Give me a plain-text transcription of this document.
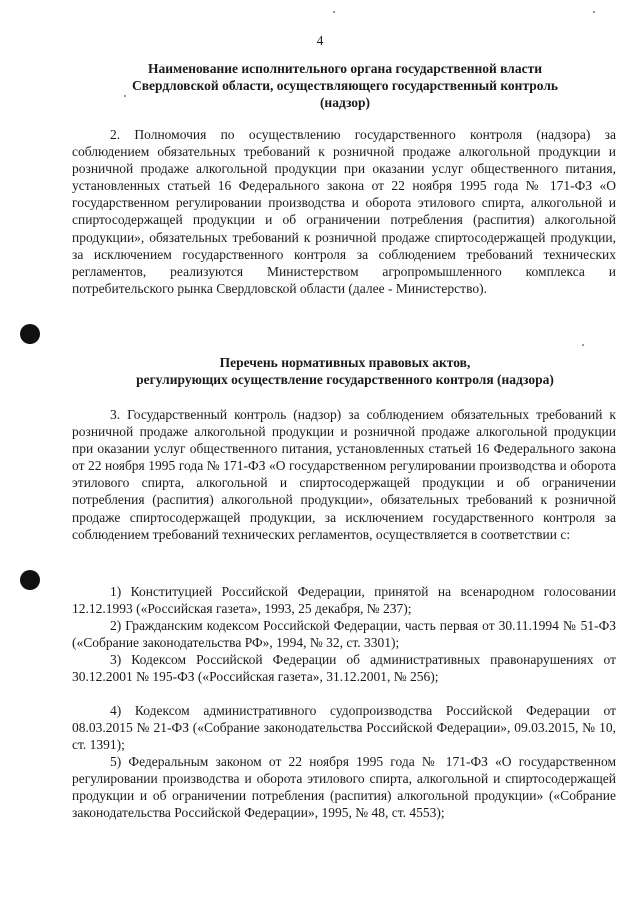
4
Наименование исполнительного органа государственной власти
Свердловской области, осуществляющего государственный контроль
(надзор)

2. Полномочия по осуществлению государственного контроля (надзора) за соблюдением обязательных требований к розничной продаже алкогольной продукции и розничной продаже алкогольной продукции при оказании услуг общественного питания, установленных статьей 16 Федерального закона от 22 ноября 1995 года № 171-ФЗ «О государственном регулировании производства и оборота этилового спирта, алкогольной и спиртосодержащей продукции и об ограничении потребления (распития) алкогольной продукции», обязательных требований к розничной продаже спиртосодержащей продукции, за исключением государственного контроля за соблюдением требований технических регламентов, реализуются Министерством агропромышленного комплекса и потребительского рынка Свердловской области (далее - Министерство).

Перечень нормативных правовых актов,
регулирующих осуществление государственного контроля (надзора)

3. Государственный контроль (надзор) за соблюдением обязательных требований к розничной продаже алкогольной продукции и розничной продаже алкогольной продукции при оказании услуг общественного питания, установленных статьей 16 Федерального закона от 22 ноября 1995 года № 171-ФЗ «О государственном регулировании производства и оборота этилового спирта, алкогольной и спиртосодержащей продукции и об ограничении потребления (распития) алкогольной продукции», обязательных требований к розничной продаже спиртосодержащей продукции, за исключением государственного контроля за соблюдением требований технических регламентов, осуществляется в соответствии с:

1) Конституцией Российской Федерации, принятой на всенародном голосовании 12.12.1993 («Российская газета», 1993, 25 декабря, № 237);

2) Гражданским кодексом Российской Федерации, часть первая от 30.11.1994 № 51-ФЗ («Собрание законодательства РФ», 1994, № 32, ст. 3301);

3) Кодексом Российской Федерации об административных правонарушениях от 30.12.2001 № 195-ФЗ («Российская газета», 31.12.2001, № 256);

4) Кодексом административного судопроизводства Российской Федерации от 08.03.2015 № 21-ФЗ («Собрание законодательства Российской Федерации», 09.03.2015, № 10, ст. 1391);

5) Федеральным законом от 22 ноября 1995 года № 171-ФЗ «О государственном регулировании производства и оборота этилового спирта, алкогольной и спиртосодержащей продукции и об ограничении потребления (распития) алкогольной продукции» («Собрание законодательства Российской Федерации», 1995, № 48, ст. 4553);
